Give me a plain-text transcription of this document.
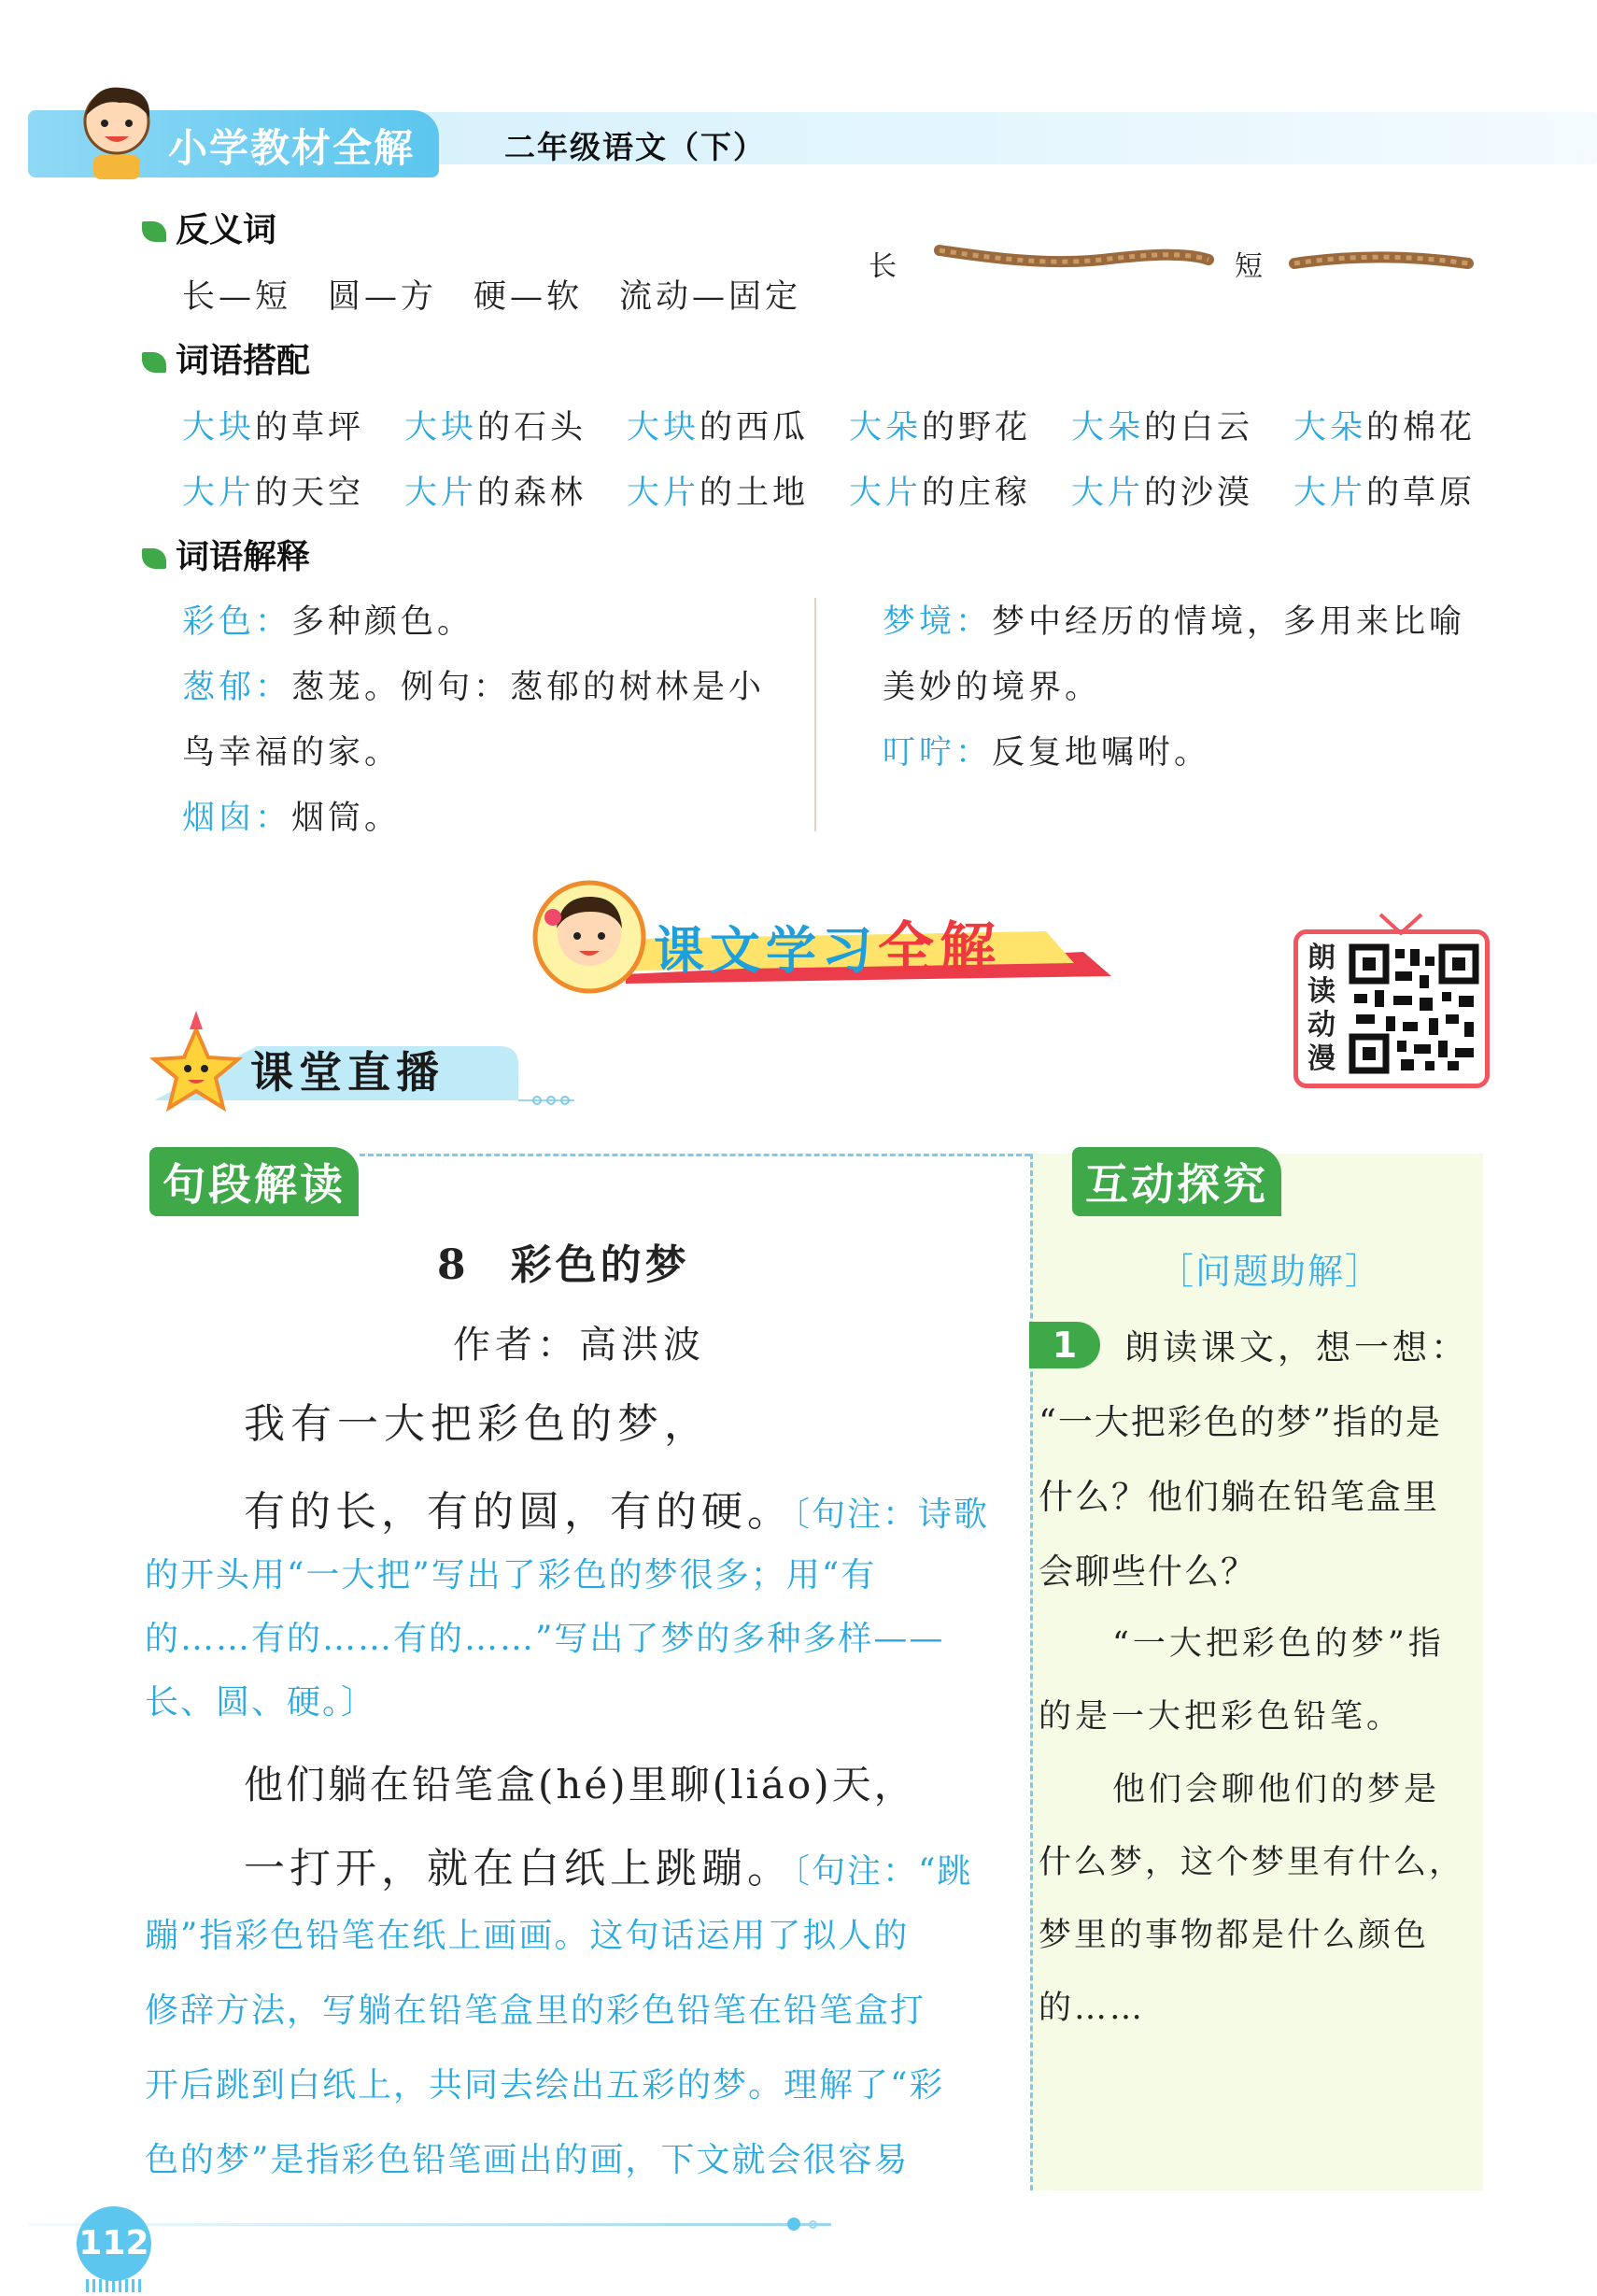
小学教材全解	二年级语文（下）
反义词
长—短　圆—方　硬—软　流动—固定
长	短
词语搭配
大块的草坪 大块的石头 大块的西瓜 大朵的野花 大朵的白云 大朵的棉花
大片的天空 大片的森林 大片的土地 大片的庄稼 大片的沙漠 大片的草原
词语解释
彩色：多种颜色。
葱郁：葱茏。例句：葱郁的树林是小
鸟幸福的家。
烟囱：烟筒。
梦境：梦中经历的情境，多用来比喻
美妙的境界。
叮咛：反复地嘱咐。
课文学习全解	朗
读
动
漫
课堂直播
句段解读	互动探究
8 彩色的梦
作者：高洪波
我有一大把彩色的梦，
有的长，有的圆，有的硬。〔句注：诗歌
的开头用“一大把”写出了彩色的梦很多；用“有
的……有的……有的……”写出了梦的多种多样——
长、圆、硬。〕
他们躺在铅笔盒(hé)里聊(liáo)天，
一打开，就在白纸上跳蹦。〔句注：“跳
蹦”指彩色铅笔在纸上画画。这句话运用了拟人的
修辞方法，写躺在铅笔盒里的彩色铅笔在铅笔盒打
开后跳到白纸上，共同去绘出五彩的梦。理解了“彩
色的梦”是指彩色铅笔画出的画，下文就会很容易
［问题助解］
1	朗读课文，想一想：
“一大把彩色的梦”指的是
什么？他们躺在铅笔盒里
会聊些什么？
　“一大把彩色的梦”指
的是一大把彩色铅笔。
　他们会聊他们的梦是
什么梦，这个梦里有什么，
梦里的事物都是什么颜色
的……
112
